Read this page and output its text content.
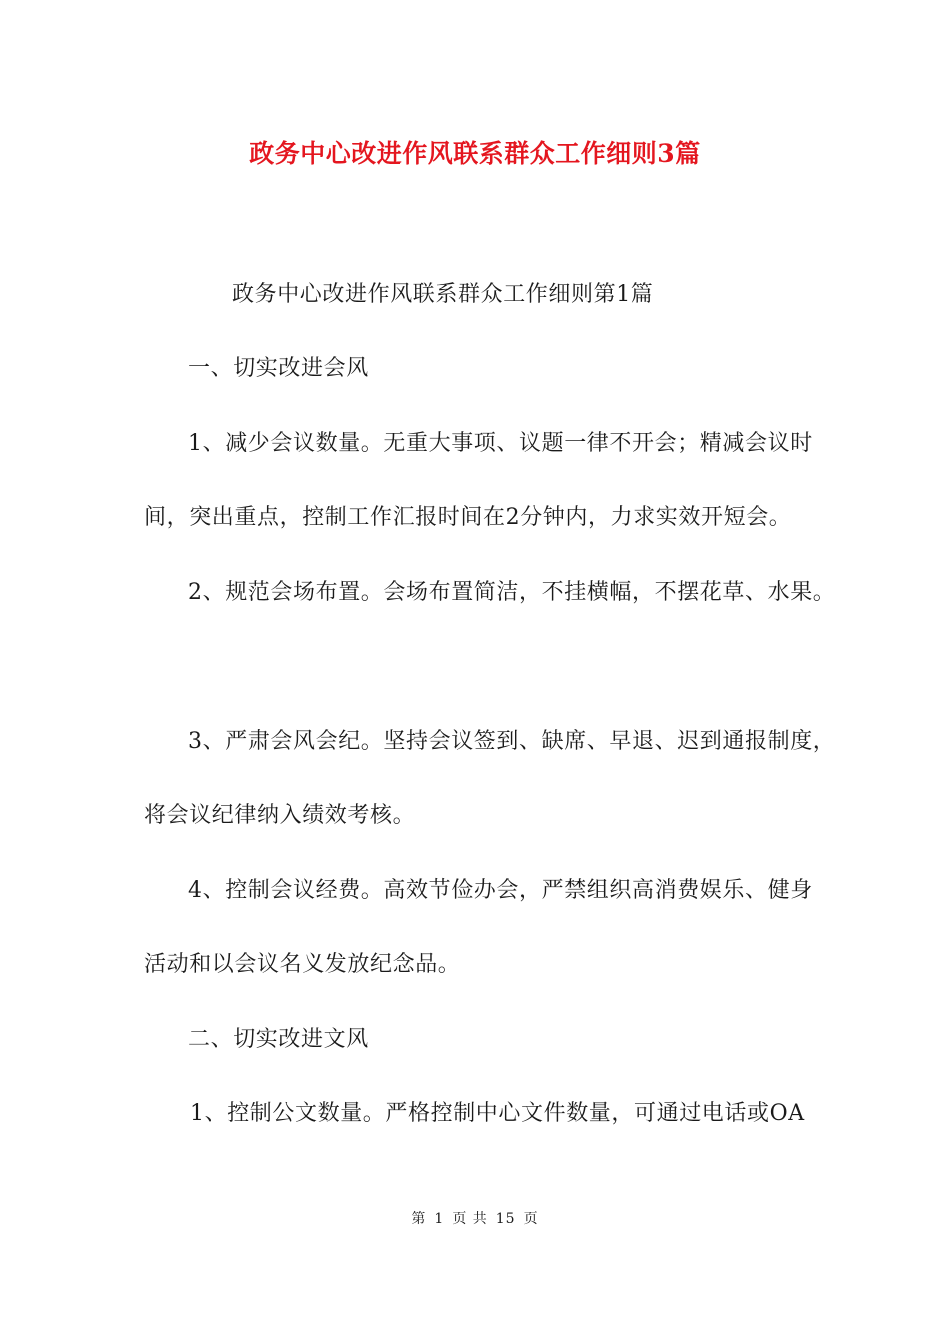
政务中心改进作风联系群众工作细则3篇
政务中心改进作风联系群众工作细则第1篇
一、切实改进会风
1、减少会议数量。无重大事项、议题一律不开会；精减会议时
间，突出重点，控制工作汇报时间在2分钟内，力求实效开短会。
2、规范会场布置。会场布置简洁，不挂横幅，不摆花草、水果。
3、严肃会风会纪。坚持会议签到、缺席、早退、迟到通报制度，
将会议纪律纳入绩效考核。
4、控制会议经费。高效节俭办会，严禁组织高消费娱乐、健身
活动和以会议名义发放纪念品。
二、切实改进文风
1、控制公文数量。严格控制中心文件数量，可通过电话或OA
第 1 页 共 15 页
